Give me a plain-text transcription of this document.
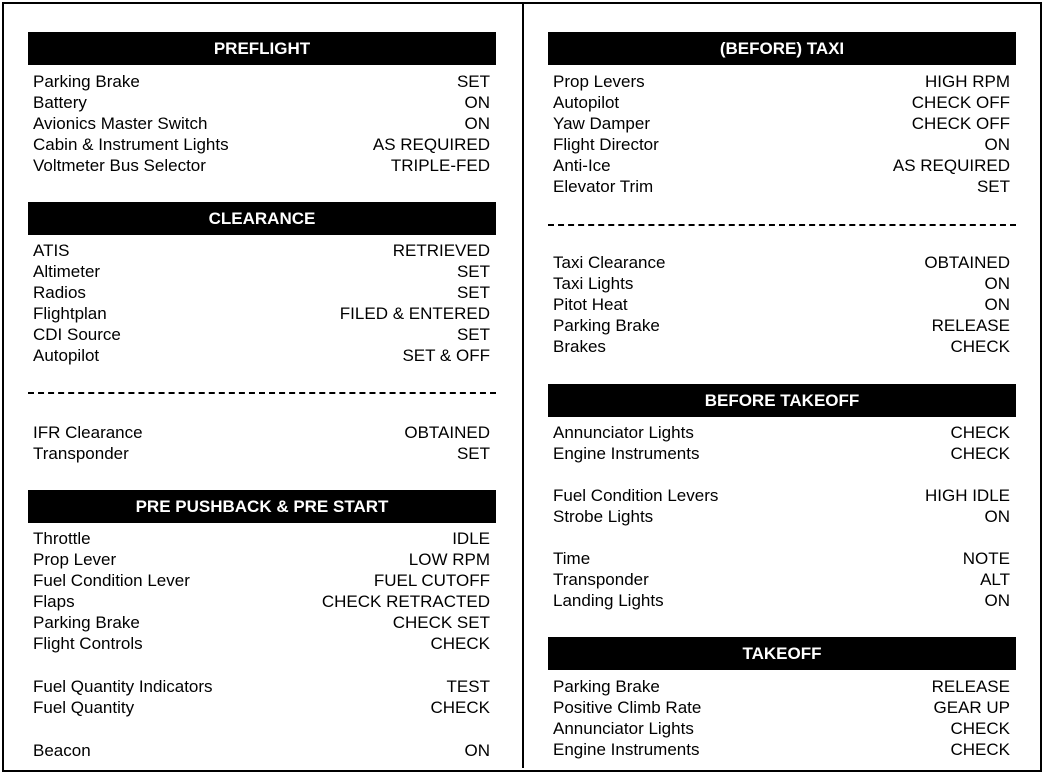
PREFLIGHT
Parking Brake	SET
Battery	ON
Avionics Master Switch	ON
Cabin & Instrument Lights	AS REQUIRED
Voltmeter Bus Selector	TRIPLE-FED
CLEARANCE
ATIS	RETRIEVED
Altimeter	SET
Radios	SET
Flightplan	FILED & ENTERED
CDI Source	SET
Autopilot	SET & OFF
IFR Clearance	OBTAINED
Transponder	SET
PRE PUSHBACK & PRE START
Throttle	IDLE
Prop Lever	LOW RPM
Fuel Condition Lever	FUEL CUTOFF
Flaps	CHECK RETRACTED
Parking Brake	CHECK SET
Flight Controls	CHECK
Fuel Quantity Indicators	TEST
Fuel Quantity	CHECK
Beacon	ON
(BEFORE) TAXI
Prop Levers	HIGH RPM
Autopilot	CHECK OFF
Yaw Damper	CHECK OFF
Flight Director	ON
Anti-Ice	AS REQUIRED
Elevator Trim	SET
Taxi Clearance	OBTAINED
Taxi Lights	ON
Pitot Heat	ON
Parking Brake	RELEASE
Brakes	CHECK
BEFORE TAKEOFF
Annunciator Lights	CHECK
Engine Instruments	CHECK
Fuel Condition Levers	HIGH IDLE
Strobe Lights	ON
Time	NOTE
Transponder	ALT
Landing Lights	ON
TAKEOFF
Parking Brake	RELEASE
Positive Climb Rate	GEAR UP
Annunciator Lights	CHECK
Engine Instruments	CHECK
